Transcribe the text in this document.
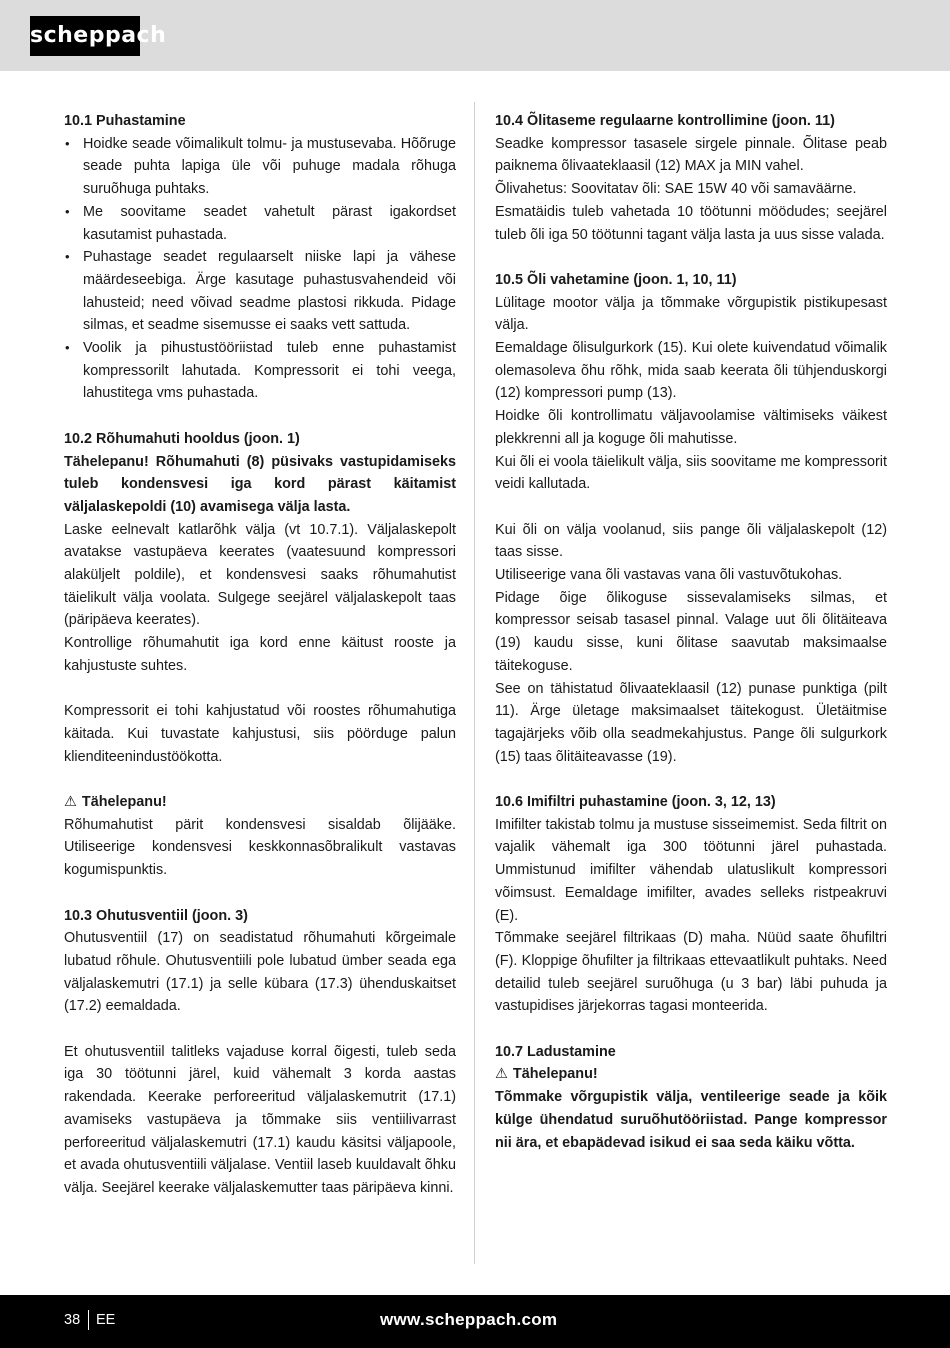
scheppach
10.1 Puhastamine
• Hoidke seade võimalikult tolmu- ja mustusevaba. Hõõruge seade puhta lapiga üle või puhuge madala rõhuga suruõhuga puhtaks.
• Me soovitame seadet vahetult pärast igakordset kasutamist puhastada.
• Puhastage seadet regulaarselt niiske lapi ja vähese määrdeseebiga. Ärge kasutage puhastusvahendeid või lahusteid; need võivad seadme plastosi rikkuda. Pidage silmas, et seadme sisemusse ei saaks vett sattuda.
• Voolik ja pihustustööriistad tuleb enne puhastamist kompressorilt lahutada. Kompressorit ei tohi veega, lahustitega vms puhastada.
10.2 Rõhumahuti hooldus (joon. 1)

Tähelepanu! Rõhumahuti (8) püsivaks vastupidamiseks tuleb kondensvesi iga kord pärast käitamist väljalaskepoldi (10) avamisega välja lasta.

Laske eelnevalt katlarõhk välja (vt 10.7.1). Väljalaskepolt avatakse vastupäeva keerates (vaatesuund kompressori alaküljelt poldile), et kondensvesi saaks rõhumahutist täielikult välja voolata. Sulgege seejärel väljalaskepolt taas (päripäeva keerates).

Kontrollige rõhumahutit iga kord enne käitust rooste ja kahjustuste suhtes.

Kompressorit ei tohi kahjustatud või roostes rõhumahutiga käitada. Kui tuvastate kahjustusi, siis pöörduge palun klienditeenindustöökotta.

⚠ Tähelepanu!

Rõhumahutist pärit kondensvesi sisaldab õlijääke. Utiliseerige kondensvesi keskkonnasõbralikult vastavas kogumispunktis.

10.3 Ohutusventiil (joon. 3)

Ohutusventiil (17) on seadistatud rõhumahuti kõrgeimale lubatud rõhule. Ohutusventiili pole lubatud ümber seada ega väljalaskemutri (17.1) ja selle kübara (17.3) ühenduskaitset (17.2) eemaldada.

Et ohutusventiil talitleks vajaduse korral õigesti, tuleb seda iga 30 töötunni järel, kuid vähemalt 3 korda aastas rakendada. Keerake perforeeritud väljalaskemutrit (17.1) avamiseks vastupäeva ja tõmmake siis ventiilivarrast perforeeritud väljalaskemutri (17.1) kaudu käsitsi väljapoole, et avada ohutusventiili väljalase. Ventiil laseb kuuldavalt õhku välja. Seejärel keerake väljalaskemutter taas päripäeva kinni.

10.4 Õlitaseme regulaarne kontrollimine (joon. 11)

Seadke kompressor tasasele sirgele pinnale. Õlitase peab paiknema õlivaateklaasil (12) MAX ja MIN vahel.

Õlivahetus: Soovitatav õli: SAE 15W 40 või samaväärne.

Esmatäidis tuleb vahetada 10 töötunni möödudes; seejärel tuleb õli iga 50 töötunni tagant välja lasta ja uus sisse valada.

10.5 Õli vahetamine (joon. 1, 10, 11)

Lülitage mootor välja ja tõmmake võrgupistik pistikupesast välja.

Eemaldage õlisulgurkork (15). Kui olete kuivendatud võimalik olemasoleva õhu rõhk, mida saab keerata õli tühjenduskorgi (12) kompressori pump (13).

Hoidke õli kontrollimatu väljavoolamise vältimiseks väikest plekkrenni all ja koguge õli mahutisse.

Kui õli ei voola täielikult välja, siis soovitame me kompressorit veidi kallutada.

Kui õli on välja voolanud, siis pange õli väljalaskepolt (12) taas sisse.

Utiliseerige vana õli vastavas vana õli vastuvõtukohas.

Pidage õige õlikoguse sissevalamiseks silmas, et kompressor seisab tasasel pinnal. Valage uut õli õlitäiteava (19) kaudu sisse, kuni õlitase saavutab maksimaalse täitekoguse.

See on tähistatud õlivaateklaasil (12) punase punktiga (pilt 11). Ärge ületage maksimaalset täitekogust. Ületäitmise tagajärjeks võib olla seadmekahjustus. Pange õli sulgurkork (15) taas õlitäiteavasse (19).

10.6 Imifiltri puhastamine (joon. 3, 12, 13)

Imifilter takistab tolmu ja mustuse sisseimemist. Seda filtrit on vajalik vähemalt iga 300 töötunni järel puhastada. Ummistunud imifilter vähendab ulatuslikult kompressori võimsust. Eemaldage imifilter, avades selleks ristpeakruvi (E).

Tõmmake seejärel filtrikaas (D) maha. Nüüd saate õhufiltri (F). Kloppige õhufilter ja filtrikaas ettevaatlikult puhtaks. Need detailid tuleb seejärel suruõhuga (u 3 bar) läbi puhuda ja vastupidises järjekorras tagasi monteerida.

10.7 Ladustamine
⚠ Tähelepanu!

Tõmmake võrgupistik välja, ventileerige seade ja kõik külge ühendatud suruõhutööriistad. Pange kompressor nii ära, et ebapädevad isikud ei saa seda käiku võtta.

38 EE	www.scheppach.com
